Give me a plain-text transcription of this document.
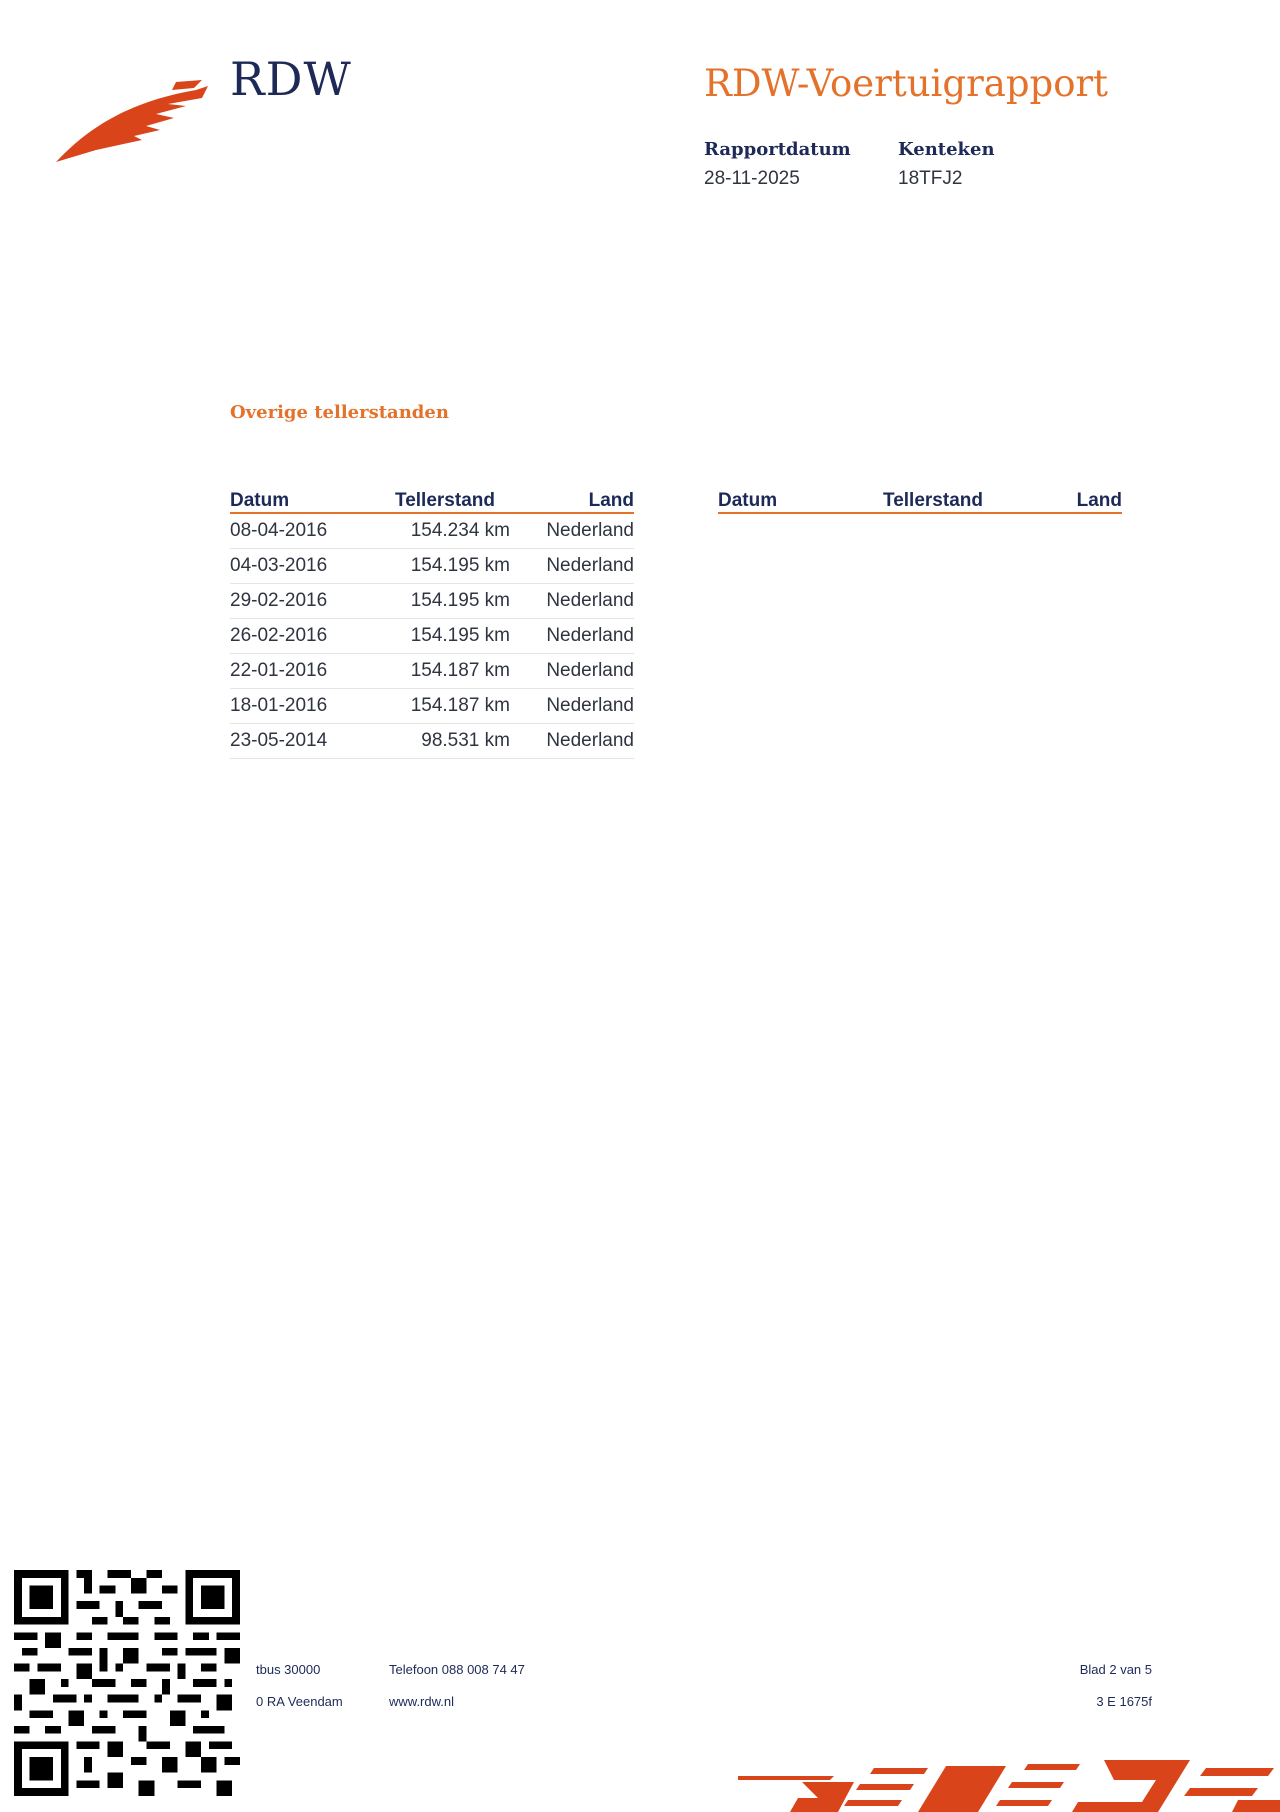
RDW	RDW-Voertuigrapport
Rapportdatum
28-11-2025
Kenteken
18TFJ2
Overige tellerstanden
Datum	Tellerstand	Land
08-04-2016	154.234 km	Nederland
04-03-2016	154.195 km	Nederland
29-02-2016	154.195 km	Nederland
26-02-2016	154.195 km	Nederland
22-01-2016	154.187 km	Nederland
18-01-2016	154.187 km	Nederland
23-05-2014	98.531 km	Nederland
Datum	Tellerstand	Land
tbus 30000
0 RA Veendam
Telefoon 088 008 74 47
www.rdw.nl
Blad 2 van 5
3 E 1675f
